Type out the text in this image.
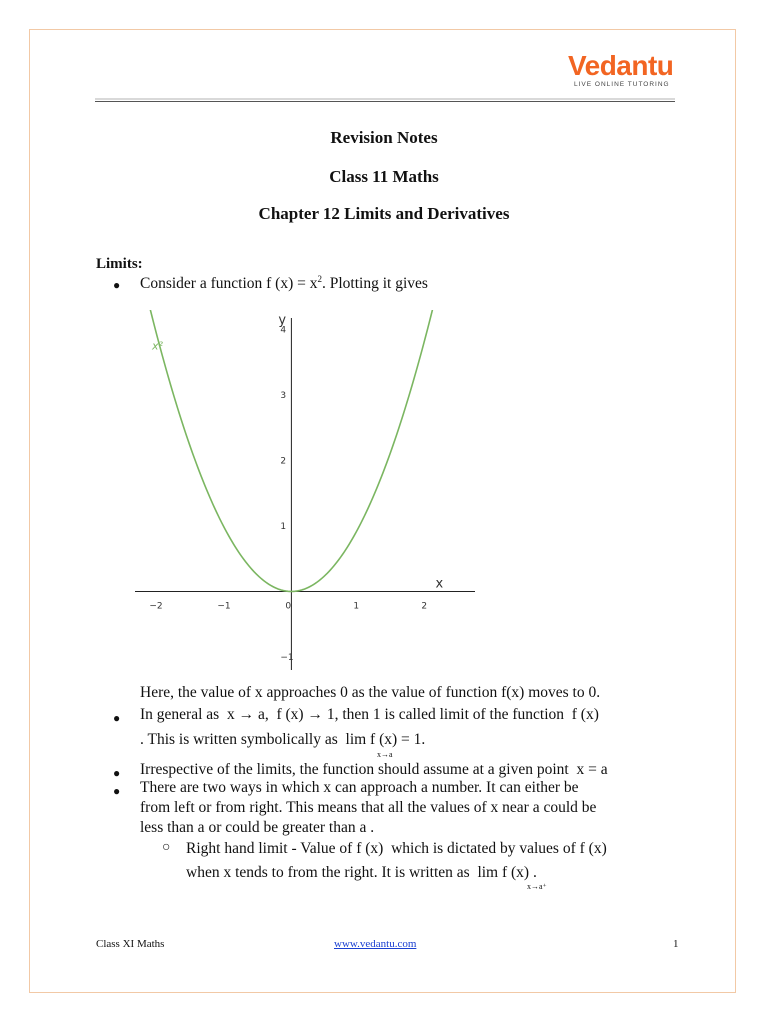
Vedantu
LIVE ONLINE TUTORING
Revision Notes
Class 11 Maths
Chapter 12 Limits and Derivatives
Limits:
● Consider a function f $(x) = x^2$. Plotting it gives
−2	−1	0	1	2
4
3
2
1
−1
x²
x
y
Here, the value of x approaches 0 as the value of function f(x) moves to 0.
● In general as x → a, f (x) → 1, then 1 is called limit of the function f (x)
. This is written symbolically as lim f (x) = 1.
x→a
● Irrespective of the limits, the function should assume at a given point x = a
● There are two ways in which x can approach a number. It can either be
from left or from right. This means that all the values of x near a could be
less than a or could be greater than a .
○ Right hand limit - Value of f (x) which is dictated by values of f (x)
when x tends to from the right. It is written as lim f (x) .
x→a⁺
Class XI Maths	www.vedantu.com	1
